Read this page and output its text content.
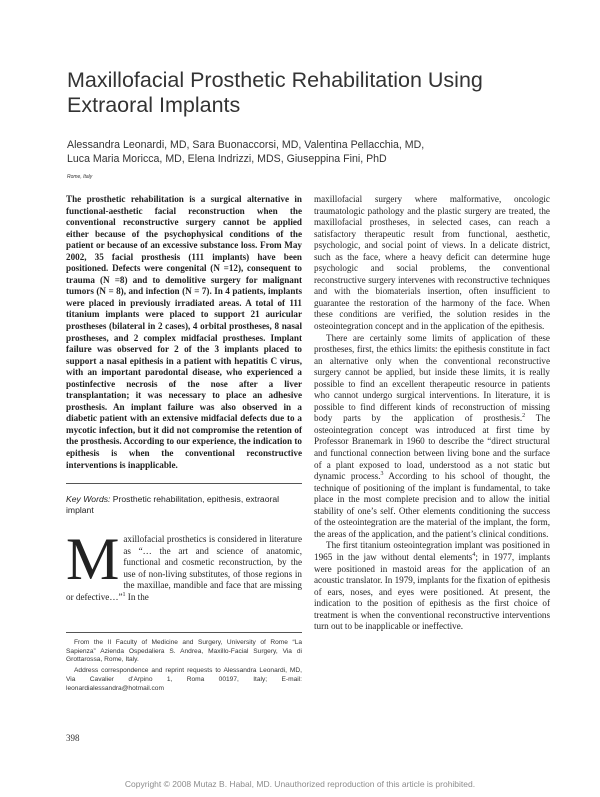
Maxillofacial Prosthetic Rehabilitation Using Extraoral Implants
Alessandra Leonardi, MD, Sara Buonaccorsi, MD, Valentina Pellacchia, MD,
Luca Maria Moricca, MD, Elena Indrizzi, MDS, Giuseppina Fini, PhD
Rome, Italy

The prosthetic rehabilitation is a surgical alternative in functional-aesthetic facial reconstruction when the conventional reconstructive surgery cannot be applied either because of the psychophysical conditions of the patient or because of an excessive substance loss. From May 2002, 35 facial prosthesis (111 implants) have been positioned. Defects were congenital (N =12), consequent to trauma (N =8) and to demolitive surgery for malignant tumors (N = 8), and infection (N = 7). In 4 patients, implants were placed in previously irradiated areas. A total of 111 titanium implants were placed to support 21 auricular prostheses (bilateral in 2 cases), 4 orbital prostheses, 8 nasal prostheses, and 2 complex midfacial prostheses. Implant failure was observed for 2 of the 3 implants placed to support a nasal epithesis in a patient with hepatitis C virus, with an important parodontal disease, who experienced a postinfective necrosis of the nose after a liver transplantation; it was necessary to place an adhesive prosthesis. An implant failure was also observed in a diabetic patient with an extensive midfacial defects due to a mycotic infection, but it did not compromise the retention of the prosthesis. According to our experience, the indication to epithesis is when the conventional reconstructive interventions is inapplicable.

Key Words: Prosthetic rehabilitation, epithesis, extraoral implant

Maxillofacial prosthetics is considered in literature as “… the art and science of anatomic, functional and cosmetic reconstruction, by the use of non-living substitutes, of those regions in the maxillae, mandible and face that are missing or defective…”$^1$ In the

maxillofacial surgery where malformative, oncologic traumatologic pathology and the plastic surgery are treated, the maxillofacial prostheses, in selected cases, can reach a satisfactory therapeutic result from functional, aesthetic, psychologic, and social point of views. In a delicate district, such as the face, where a heavy deficit can determine huge psychologic and social problems, the conventional reconstructive surgery intervenes with reconstructive techniques and with the biomaterials insertion, often insufficient to guarantee the restoration of the harmony of the face. When these conditions are verified, the solution resides in the osteointegration concept and in the application of the epithesis.

There are certainly some limits of application of these prostheses, first, the ethics limits: the epithesis constitute in fact an alternative only when the conventional reconstructive surgery cannot be applied, but inside these limits, it is really possible to find an excellent therapeutic resource in patients who cannot undergo surgical interventions. In literature, it is possible to find different kinds of reconstruction of missing body parts by the application of prosthesis.$^2$ The osteointegration concept was introduced at first time by Professor Branemark in 1960 to describe the “direct structural and functional connection between living bone and the surface of a plant exposed to load, understood as a not static but dynamic process.$^3$ According to his school of thought, the technique of positioning of the implant is fundamental, to take place in the most complete precision and to allow the initial stability of one’s self. Other elements conditioning the success of the osteointegration are the material of the implant, the form, the areas of the application, and the patient’s clinical conditions.

The first titanium osteointegration implant was positioned in 1965 in the jaw without dental elements$^4$; in 1977, implants were positioned in mastoid areas for the application of an acoustic translator. In 1979, implants for the fixation of epithesis of ears, noses, and eyes were positioned. At present, the indication to the position of epithesis as the first choice of treatment is when the conventional reconstructive interventions turn out to be inapplicable or ineffective.

From the II Faculty of Medicine and Surgery, University of Rome “La Sapienza” Azienda Ospedaliera S. Andrea, Maxillo-Facial Surgery, Via di Grottarossa, Rome, Italy.

Address correspondence and reprint requests to Alessandra Leonardi, MD, Via Cavalier d’Arpino 1, Roma 00197, Italy; E-mail: leonardialessandra@hotmail.com

398
Copyright © 2008 Mutaz B. Habal, MD. Unauthorized reproduction of this article is prohibited.
